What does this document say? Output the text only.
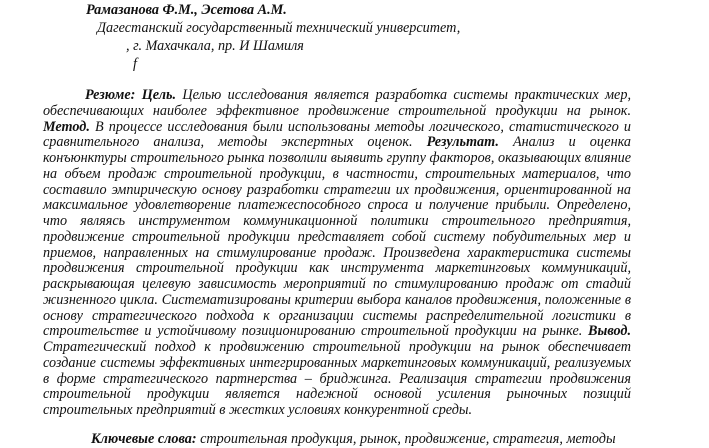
Рамазанова Ф.М., Эсетова А.М.
Дагестанский государственный технический университет,
, г. Махачкала, пр. И Шамиля
f

Резюме: Цель. Целью исследования является разработка системы практических мер, обеспечивающих наиболее эффективное продвижение строительной продукции на рынок. Метод. В процессе исследования были использованы методы логического, статистического и сравнительного анализа, методы экспертных оценок. Результат. Анализ и оценка конъюнктуры строительного рынка позволили выявить группу факторов, оказывающих влияние на объем продаж строительной продукции, в частности, строительных материалов, что составило эмпирическую основу разработки стратегии их продвижения, ориентированной на максимальное удовлетворение платежеспособного спроса и получение прибыли. Определено, что являясь инструментом коммуникационной политики строительного предприятия, продвижение строительной продукции представляет собой систему побудительных мер и приемов, направленных на стимулирование продаж. Произведена характеристика системы продвижения строительной продукции как инструмента маркетинговых коммуникаций, раскрывающая целевую зависимость мероприятий по стимулированию продаж от стадий жизненного цикла. Систематизированы критерии выбора каналов продвижения, положенные в основу стратегического подхода к организации системы распределительной логистики в строительстве и устойчивому позиционированию строительной продукции на рынке. Вывод. Стратегический подход к продвижению строительной продукции на рынок обеспечивает создание системы эффективных интегрированных маркетинговых коммуникаций, реализуемых в форме стратегического партнерства – бриджинга. Реализация стратегии продвижения строительной продукции является надежной основой усиления рыночных позиций строительных предприятий в жестких условиях конкурентной среды.

Ключевые слова: строительная продукция, рынок, продвижение, стратегия, методы
